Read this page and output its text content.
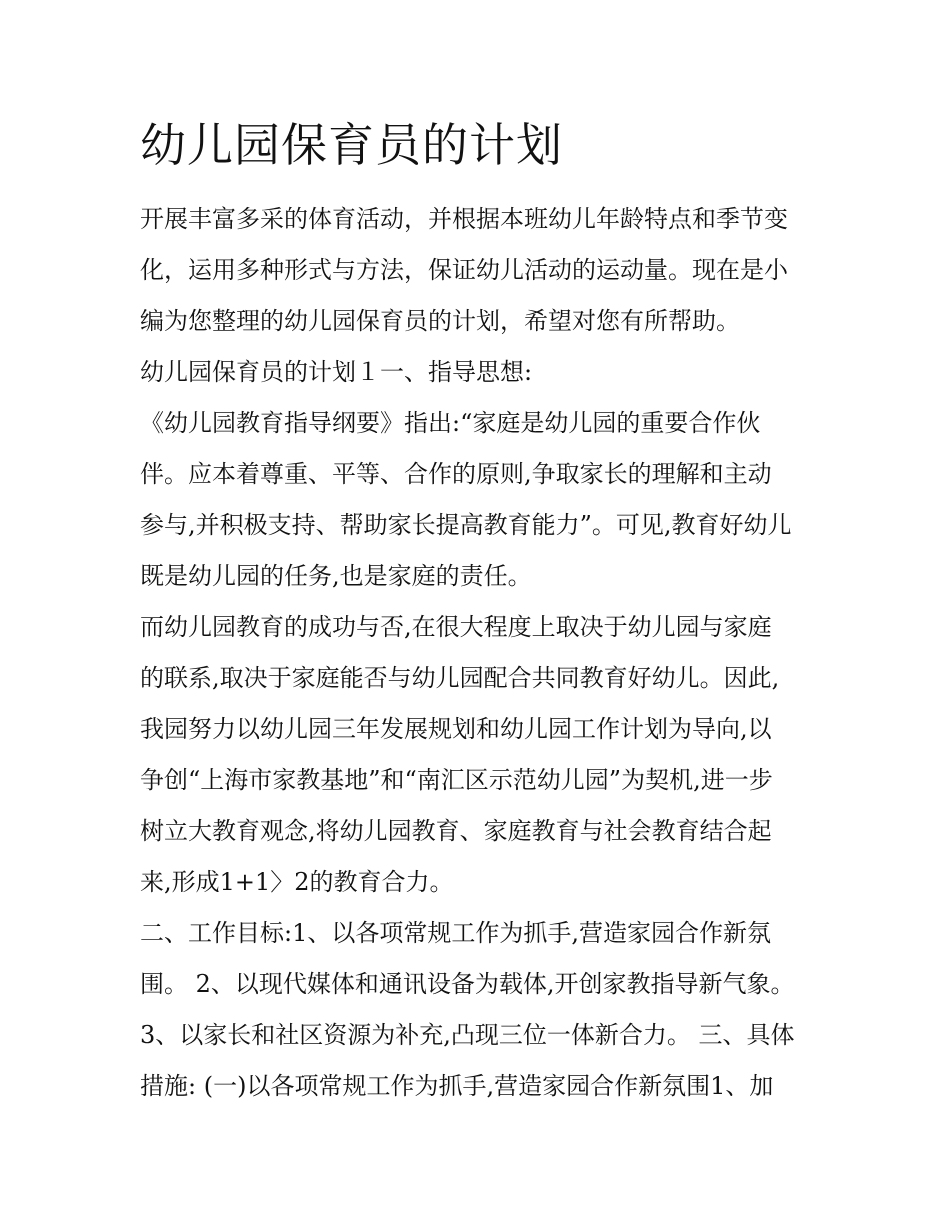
幼儿园保育员的计划
开展丰富多采的体育活动，并根据本班幼儿年龄特点和季节变
化，运用多种形式与方法，保证幼儿活动的运动量。现在是小
编为您整理的幼儿园保育员的计划，希望对您有所帮助。
幼儿园保育员的计划１一、指导思想:
《幼儿园教育指导纲要》指出:“家庭是幼儿园的重要合作伙
伴。应本着尊重、平等、合作的原则,争取家长的理解和主动
参与,并积极支持、帮助家长提高教育能力”。可见,教育好幼儿
既是幼儿园的任务,也是家庭的责任。
而幼儿园教育的成功与否,在很大程度上取决于幼儿园与家庭
的联系,取决于家庭能否与幼儿园配合共同教育好幼儿。因此,
我园努力以幼儿园三年发展规划和幼儿园工作计划为导向,以
争创“上海市家教基地”和“南汇区示范幼儿园”为契机,进一步
树立大教育观念,将幼儿园教育、家庭教育与社会教育结合起
来,形成1+1〉2的教育合力。
二、工作目标:1、以各项常规工作为抓手,营造家园合作新氛
围。 2、以现代媒体和通讯设备为载体,开创家教指导新气象。
3、以家长和社区资源为补充,凸现三位一体新合力。 三、具体
措施: (一)以各项常规工作为抓手,营造家园合作新氛围1、加
